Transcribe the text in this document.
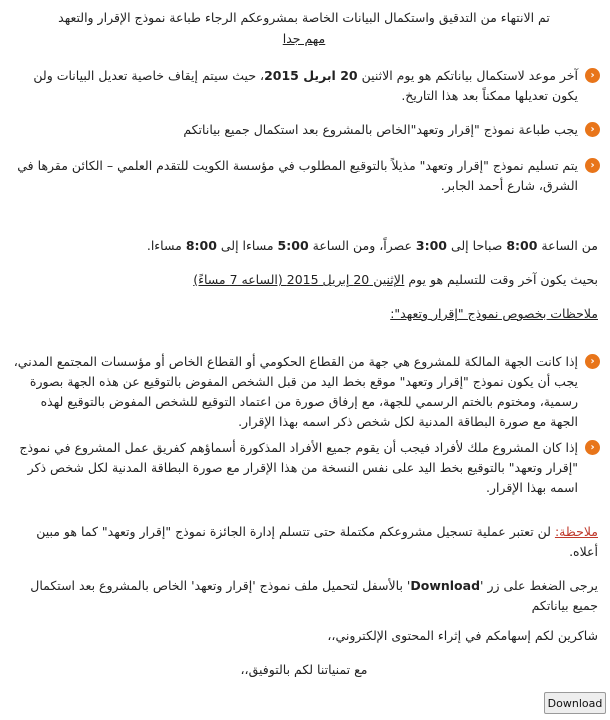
تم الانتهاء من التدقيق واستكمال البيانات الخاصة بمشروعكم الرجاء طباعة نموذج الإقرار والتعهد
مهم جدا
‹
آخر موعد لاستكمال بياناتكم هو يوم الاثنين 20 ابريل 2015، حيث سيتم إيقاف خاصية تعديل البيانات ولن يكون تعديلها ممكناً بعد هذا التاريخ.
‹
يجب طباعة نموذج "إقرار وتعهد"الخاص بالمشروع بعد استكمال جميع بياناتكم
‹
يتم تسليم نموذج "إقرار وتعهد" مذيلاً بالتوقيع المطلوب في مؤسسة الكويت للتقدم العلمي – الكائن مقرها في الشرق، شارع أحمد الجابر.
من الساعة 8:00 صباحا إلى 3:00 عصراً، ومن الساعة 5:00 مساءا إلى 8:00 مساءا.
بحيث يكون آخر وقت للتسليم هو يوم الإثنين 20 إبريل 2015 (الساعه 7 مساءً)
ملاحظات بخصوص نموذج "إقرار وتعهد":
‹
إذا كانت الجهة المالكة للمشروع هي جهة من القطاع الحكومي أو القطاع الخاص أو مؤسسات المجتمع المدني، يجب أن يكون نموذج "إقرار وتعهد" موقع بخط اليد من قبل الشخص المفوض بالتوقيع عن هذه الجهة بصورة رسمية، ومختوم بالختم الرسمي للجهة، مع إرفاق صورة من اعتماد التوقيع للشخص المفوض بالتوقيع لهذه الجهة مع صورة البطاقة المدنية لكل شخص ذكر اسمه بهذا الإقرار.
‹
إذا كان المشروع ملك لأفراد فيجب أن يقوم جميع الأفراد المذكورة أسماؤهم كفريق عمل المشروع في نموذج "إقرار وتعهد" بالتوقيع بخط اليد على نفس النسخة من هذا الإقرار مع صورة البطاقة المدنية لكل شخص ذكر اسمه بهذا الإقرار.
ملاحظة: لن تعتبر عملية تسجيل مشروعكم مكتملة حتى تتسلم إدارة الجائزة نموذج "إقرار وتعهد" كما هو مبين أعلاه.
يرجى الضغط على زر 'Download' بالأسفل لتحميل ملف نموذج 'إقرار وتعهد' الخاص بالمشروع بعد استكمال جميع بياناتكم
شاكرين لكم إسهامكم في إثراء المحتوى الإلكتروني،،
مع تمنياتنا لكم بالتوفيق،،
Download
